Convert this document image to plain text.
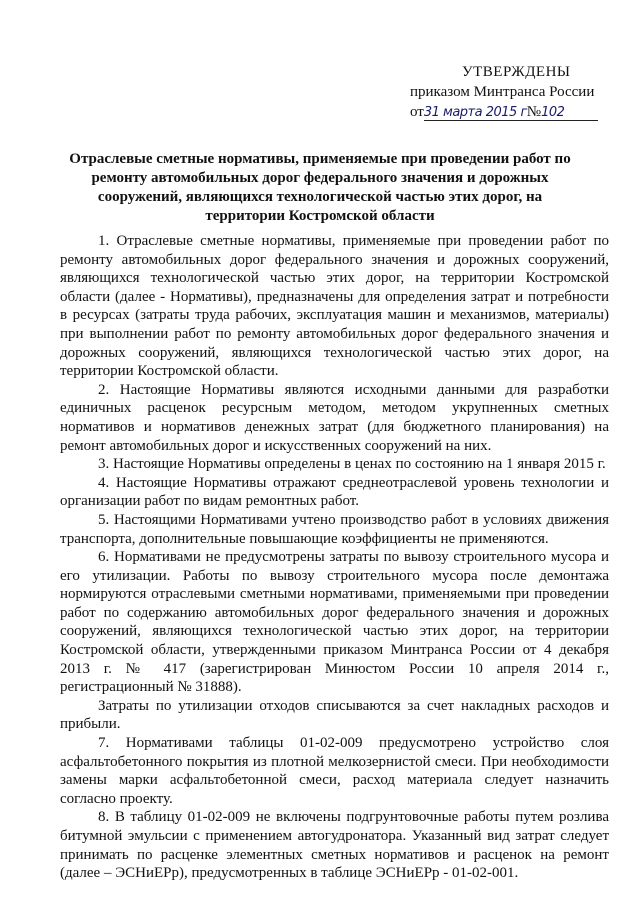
УТВЕРЖДЕНЫ
приказом Минтранса России
от31 марта 2015 г№102
Отраслевые сметные нормативы, применяемые при проведении работ по ремонту автомобильных дорог федерального значения и дорожных сооружений, являющихся технологической частью этих дорог, на территории Костромской области

1. Отраслевые сметные нормативы, применяемые при проведении работ по ремонту автомобильных дорог федерального значения и дорожных сооружений, являющихся технологической частью этих дорог, на территории Костромской области (далее - Нормативы), предназначены для определения затрат и потребности в ресурсах (затраты труда рабочих, эксплуатация машин и механизмов, материалы) при выполнении работ по ремонту автомобильных дорог федерального значения и дорожных сооружений, являющихся технологической частью этих дорог, на территории Костромской области.

2. Настоящие Нормативы являются исходными данными для разработки единичных расценок ресурсным методом, методом укрупненных сметных нормативов и нормативов денежных затрат (для бюджетного планирования) на ремонт автомобильных дорог и искусственных сооружений на них.

3. Настоящие Нормативы определены в ценах по состоянию на 1 января 2015 г.

4. Настоящие Нормативы отражают среднеотраслевой уровень технологии и организации работ по видам ремонтных работ.

5. Настоящими Нормативами учтено производство работ в условиях движения транспорта, дополнительные повышающие коэффициенты не применяются.

6. Нормативами не предусмотрены затраты по вывозу строительного мусора и его утилизации. Работы по вывозу строительного мусора после демонтажа нормируются отраслевыми сметными нормативами, применяемыми при проведении работ по содержанию автомобильных дорог федерального значения и дорожных сооружений, являющихся технологической частью этих дорог, на территории Костромской области, утвержденными приказом Минтранса России от 4 декабря 2013 г. № 417 (зарегистрирован Минюстом России 10 апреля 2014 г., регистрационный № 31888).

Затраты по утилизации отходов списываются за счет накладных расходов и прибыли.

7. Нормативами таблицы 01-02-009 предусмотрено устройство слоя асфальтобетонного покрытия из плотной мелкозернистой смеси. При необходимости замены марки асфальтобетонной смеси, расход материала следует назначить согласно проекту.

8. В таблицу 01-02-009 не включены подгрунтовочные работы путем розлива битумной эмульсии с применением автогудронатора. Указанный вид затрат следует принимать по расценке элементных сметных нормативов и расценок на ремонт (далее – ЭСНиЕРр), предусмотренных в таблице ЭСНиЕРр - 01-02-001.
